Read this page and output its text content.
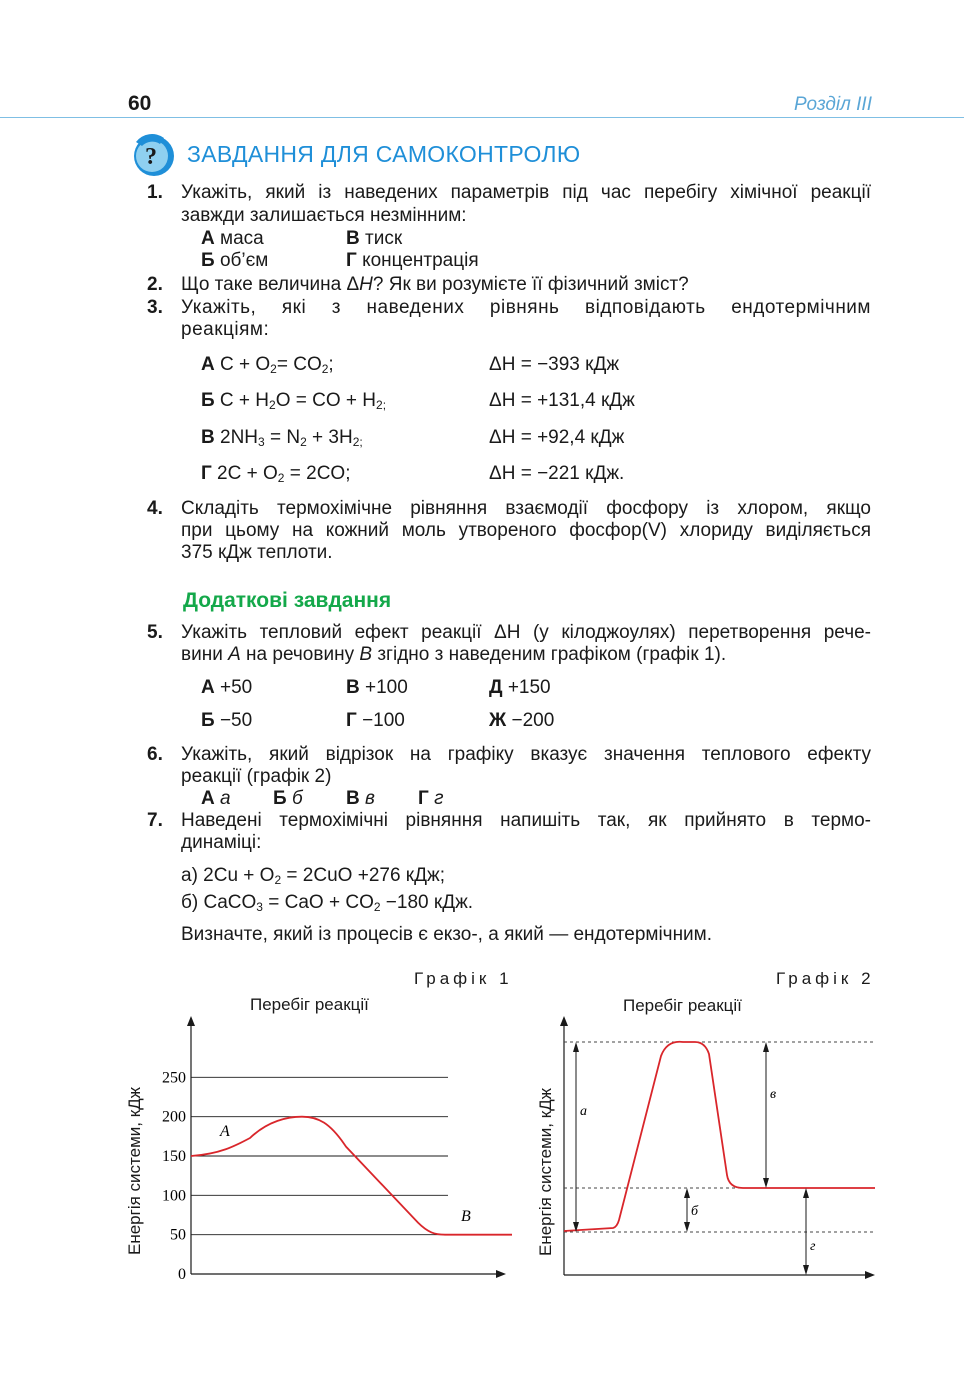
60	Розділ ІІІ
? ЗАВДАННЯ ДЛЯ САМОКОНТРОЛЮ
1. Укажіть, який із наведених параметрів під час перебігу хімічної реакції
завжди залишається незмінним:
А маса	В тиск
Б об’єм	Г концентрація
2. Що таке величина ΔH? Як ви розумієте її фізичний зміст?
3. Укажіть, які з наведених рівнянь відповідають ендотермічним
реакціям:
А $C + O_2= CO_2$;	ΔH = −393 кДж
Б $C + H_2O$ = CO + $H_{2;}$	ΔH = +131,4 кДж
В $2NH_3 = N_2 + 3H_{2;}$	ΔH = +92,4 кДж
Г $2C + O_2 = 2CO$;	ΔH = −221 кДж.
4. Складіть термохімічне рівняння взаємодії фосфору із хлором, якщо
при цьому на кожний моль утвореного фосфор(V) хлориду виділяється
375 кДж теплоти.
Додаткові завдання
5. Укажіть тепловий ефект реакції ΔH (у кілоджоулях) перетворення рече-
вини А на речовину В згідно з наведеним графіком (графік 1).
А +50	В +100	Д +150
Б −50	Г −100	Ж −200
6. Укажіть, який відрізок на графіку вказує значення теплового ефекту
реакції (графік 2)
А а Б б В в Г г
7. Наведені термохімічні рівняння напишіть так, як прийнято в термо-
динаміці:
а) $2Cu + O_2 = 2CuO +276$ кДж;
б) CaCO$_3$ = CaO + $CO_2 -180$ кДж.
Визначте, який із процесів є екзо-, а який — ендотермічним.
Графік 1
Перебіг реакції
Енергія системи, кДж
0
50
100
150
200
250
А
В
Графік 2
Перебіг реакції
Енергія системи, кДж а
б
в
г
